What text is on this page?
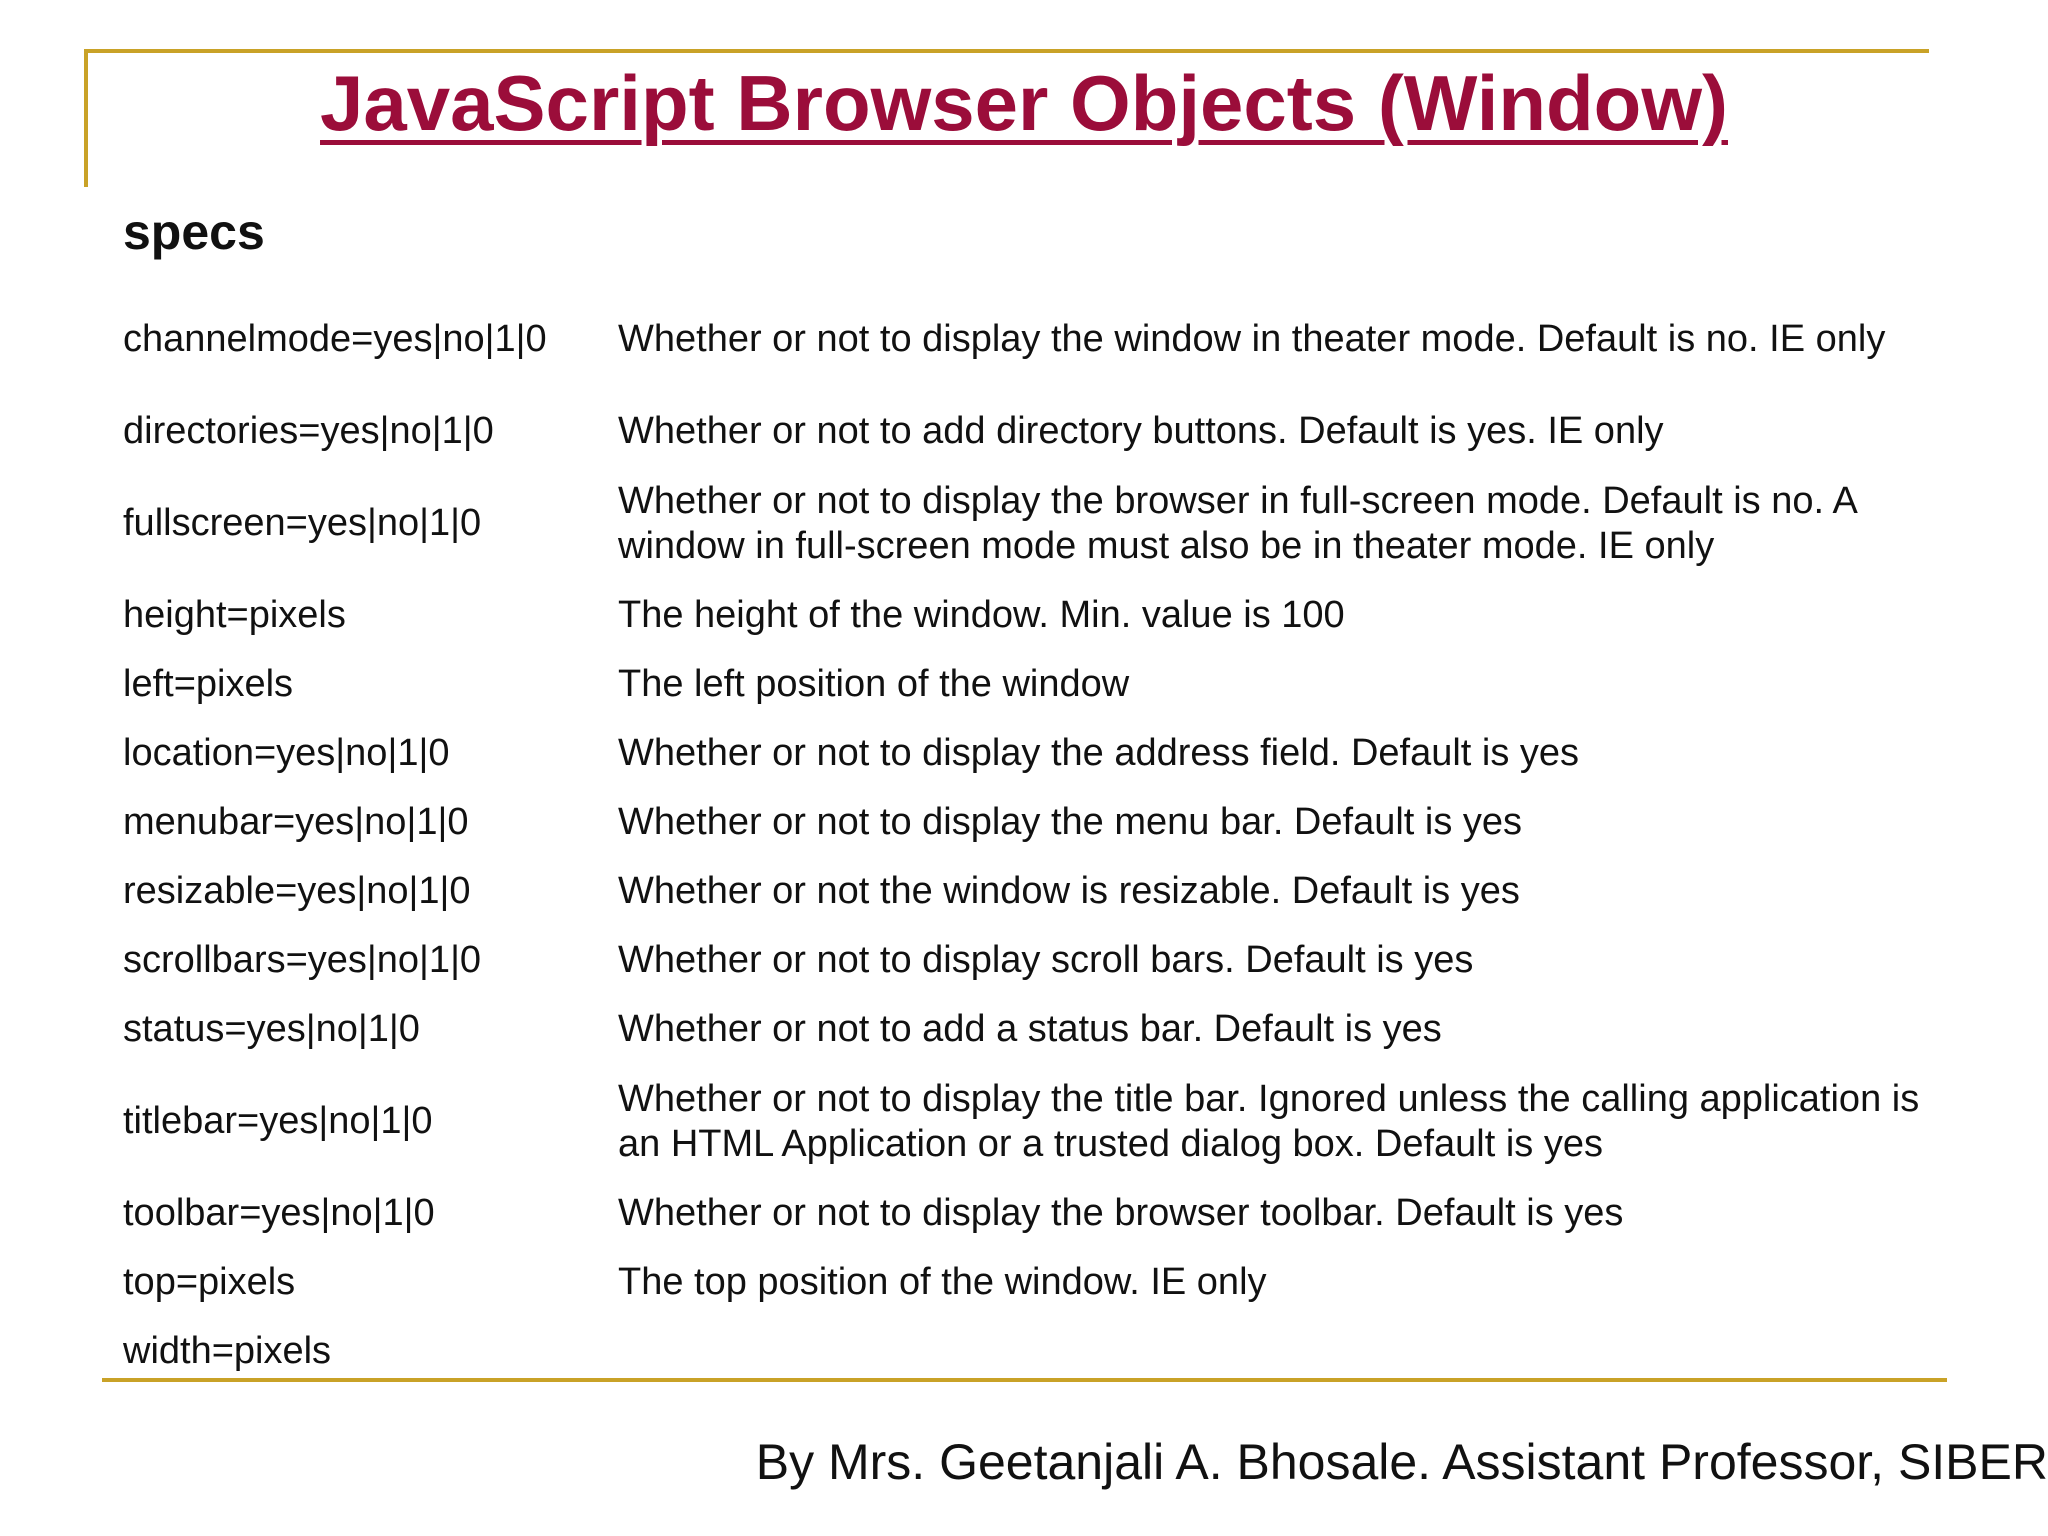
JavaScript Browser Objects (Window)
specs
channelmode=yes|no|1|0	Whether or not to display the window in theater mode. Default is no. IE only
directories=yes|no|1|0	Whether or not to add directory buttons. Default is yes. IE only
fullscreen=yes|no|1|0	Whether or not to display the browser in full-screen mode. Default is no. A window in full-screen mode must also be in theater mode. IE only
height=pixels	The height of the window. Min. value is 100
left=pixels	The left position of the window
location=yes|no|1|0	Whether or not to display the address field. Default is yes
menubar=yes|no|1|0	Whether or not to display the menu bar. Default is yes
resizable=yes|no|1|0	Whether or not the window is resizable. Default is yes
scrollbars=yes|no|1|0	Whether or not to display scroll bars. Default is yes
status=yes|no|1|0	Whether or not to add a status bar. Default is yes
titlebar=yes|no|1|0	Whether or not to display the title bar. Ignored unless the calling application is an HTML Application or a trusted dialog box. Default is yes
toolbar=yes|no|1|0	Whether or not to display the browser toolbar. Default is yes
top=pixels	The top position of the window. IE only
width=pixels	

By Mrs. Geetanjali A. Bhosale. Assistant Professor, SIBER
